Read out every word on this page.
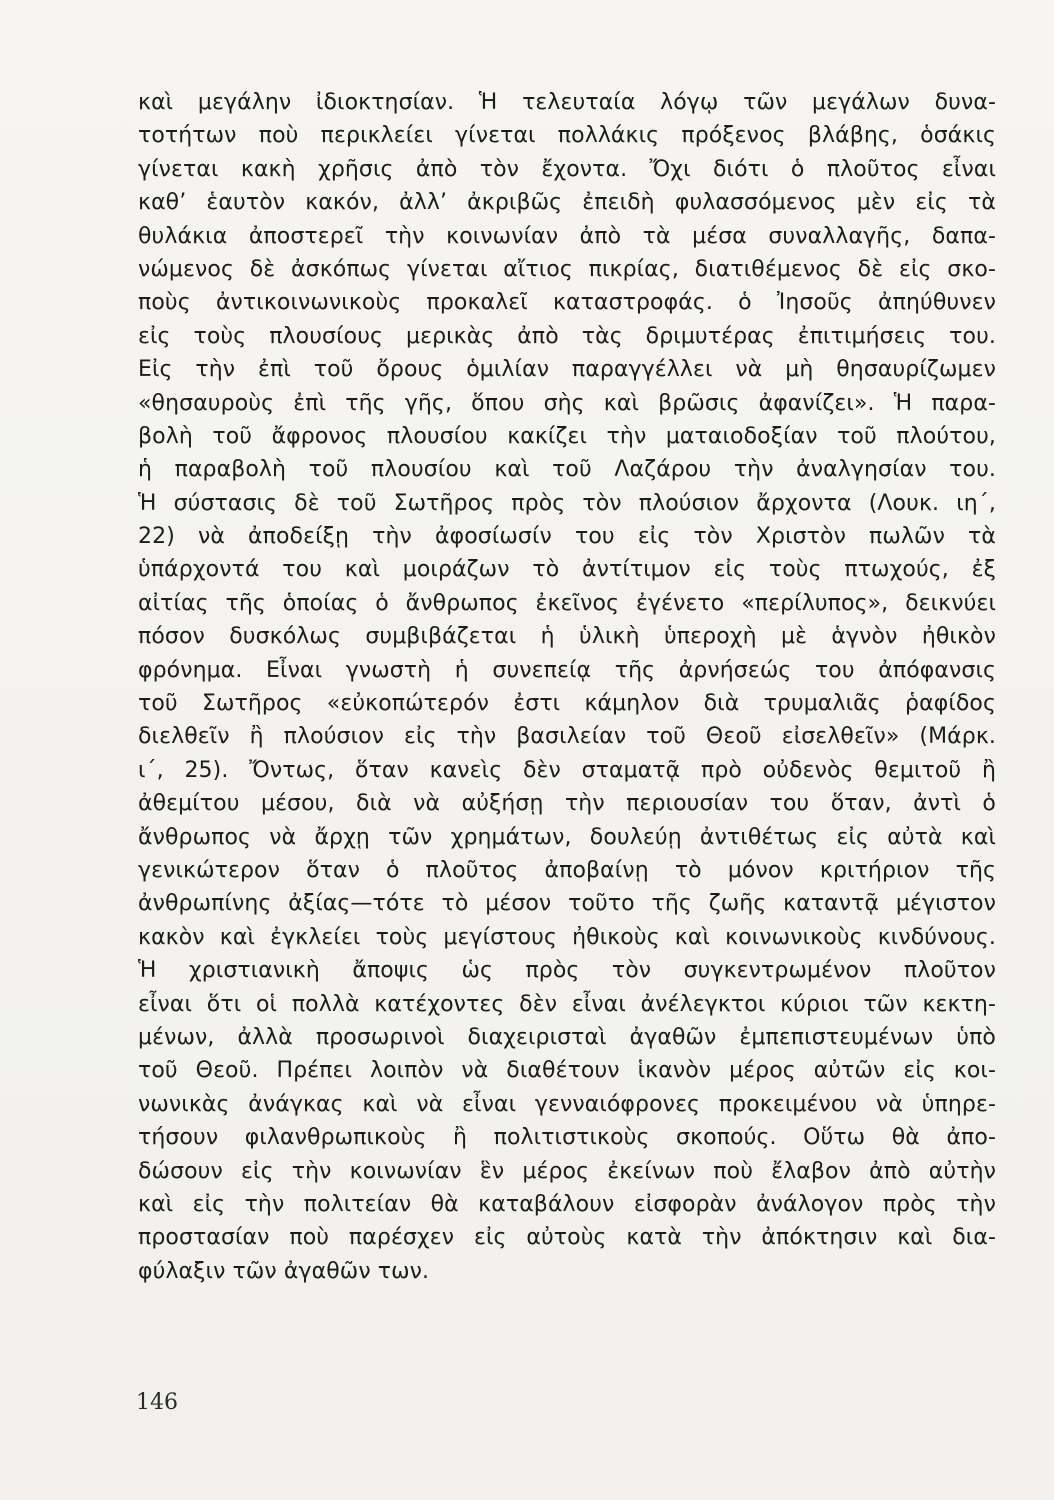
καὶ μεγάλην ἰδιοκτησίαν. Ἡ τελευταία λόγῳ τῶν μεγάλων δυνα-
τοτήτων ποὺ περικλείει γίνεται πολλάκις πρόξενος βλάβης, ὁσάκις
γίνεται κακὴ χρῆσις ἀπὸ τὸν ἔχοντα. Ὄχι διότι ὁ πλοῦτος εἶναι
καθ’ ἑαυτὸν κακόν, ἀλλ’ ἀκριβῶς ἐπειδὴ φυλασσόμενος μὲν εἰς τὰ
θυλάκια ἀποστερεῖ τὴν κοινωνίαν ἀπὸ τὰ μέσα συναλλαγῆς, δαπα-
νώμενος δὲ ἀσκόπως γίνεται αἴτιος πικρίας, διατιθέμενος δὲ εἰς σκο-
ποὺς ἀντικοινωνικοὺς προκαλεῖ καταστροφάς. ὁ Ἰησοῦς ἀπηύθυνεν
εἰς τοὺς πλουσίους μερικὰς ἀπὸ τὰς δριμυτέρας ἐπιτιμήσεις του.
Εἰς τὴν ἐπὶ τοῦ ὄρους ὁμιλίαν παραγγέλλει νὰ μὴ θησαυρίζωμεν
«θησαυροὺς ἐπὶ τῆς γῆς, ὅπου σὴς καὶ βρῶσις ἀφανίζει». Ἡ παρα-
βολὴ τοῦ ἄφρονος πλουσίου κακίζει τὴν ματαιοδοξίαν τοῦ πλούτου,
ἡ παραβολὴ τοῦ πλουσίου καὶ τοῦ Λαζάρου τὴν ἀναλγησίαν του.
Ἡ σύστασις δὲ τοῦ Σωτῆρος πρὸς τὸν πλούσιον ἄρχοντα (Λουκ. ιη΄,
22) νὰ ἀποδείξῃ τὴν ἀφοσίωσίν του εἰς τὸν Χριστὸν πωλῶν τὰ
ὑπάρχοντά του καὶ μοιράζων τὸ ἀντίτιμον εἰς τοὺς πτωχούς, ἐξ
αἰτίας τῆς ὁποίας ὁ ἄνθρωπος ἐκεῖνος ἐγένετο «περίλυπος», δεικνύει
πόσον δυσκόλως συμβιβάζεται ἡ ὑλικὴ ὑπεροχὴ μὲ ἁγνὸν ἠθικὸν
φρόνημα. Εἶναι γνωστὴ ἡ συνεπείᾳ τῆς ἀρνήσεώς του ἀπόφανσις
τοῦ Σωτῆρος «εὐκοπώτερόν ἐστι κάμηλον διὰ τρυμαλιᾶς ῥαφίδος
διελθεῖν ἢ πλούσιον εἰς τὴν βασιλείαν τοῦ Θεοῦ εἰσελθεῖν» (Μάρκ.
ι΄, 25). Ὄντως, ὅταν κανεὶς δὲν σταματᾷ πρὸ οὐδενὸς θεμιτοῦ ἢ
ἀθεμίτου μέσου, διὰ νὰ αὐξήσῃ τὴν περιουσίαν του ὅταν, ἀντὶ ὁ
ἄνθρωπος νὰ ἄρχῃ τῶν χρημάτων, δουλεύῃ ἀντιθέτως εἰς αὐτὰ καὶ
γενικώτερον ὅταν ὁ πλοῦτος ἀποβαίνῃ τὸ μόνον κριτήριον τῆς
ἀνθρωπίνης ἀξίας—τότε τὸ μέσον τοῦτο τῆς ζωῆς καταντᾷ μέγιστον
κακὸν καὶ ἐγκλείει τοὺς μεγίστους ἠθικοὺς καὶ κοινωνικοὺς κινδύνους.
Ἡ χριστιανικὴ ἄποψις ὡς πρὸς τὸν συγκεντρωμένον πλοῦτον
εἶναι ὅτι οἱ πολλὰ κατέχοντες δὲν εἶναι ἀνέλεγκτοι κύριοι τῶν κεκτη-
μένων, ἀλλὰ προσωρινοὶ διαχειρισταὶ ἀγαθῶν ἐμπεπιστευμένων ὑπὸ
τοῦ Θεοῦ. Πρέπει λοιπὸν νὰ διαθέτουν ἱκανὸν μέρος αὐτῶν εἰς κοι-
νωνικὰς ἀνάγκας καὶ νὰ εἶναι γενναιόφρονες προκειμένου νὰ ὑπηρε-
τήσουν φιλανθρωπικοὺς ἢ πολιτιστικοὺς σκοπούς. Οὕτω θὰ ἀπο-
δώσουν εἰς τὴν κοινωνίαν ἓν μέρος ἐκείνων ποὺ ἔλαβον ἀπὸ αὐτὴν
καὶ εἰς τὴν πολιτείαν θὰ καταβάλουν εἰσφορὰν ἀνάλογον πρὸς τὴν
προστασίαν ποὺ παρέσχεν εἰς αὐτοὺς κατὰ τὴν ἀπόκτησιν καὶ δια-
φύλαξιν τῶν ἀγαθῶν των.
146
